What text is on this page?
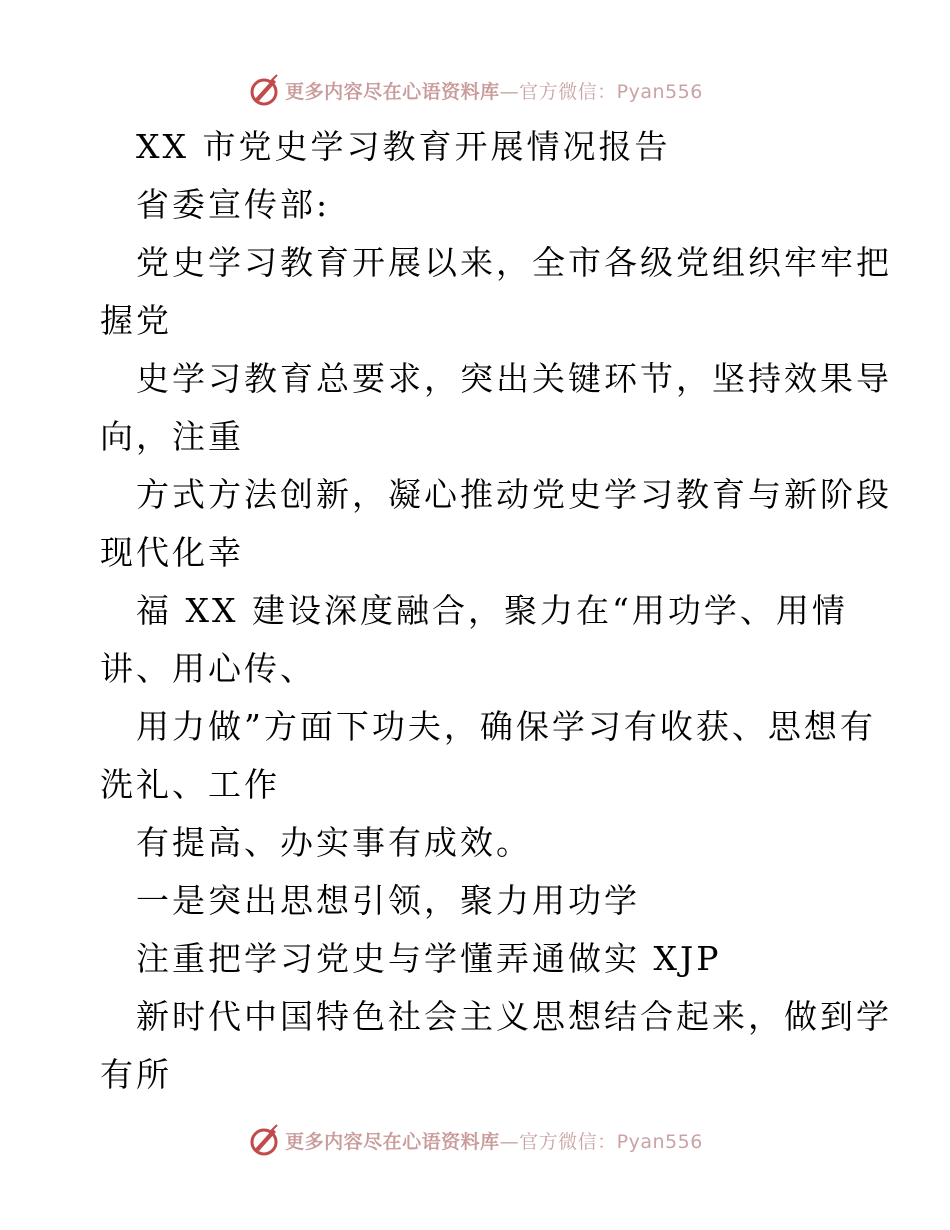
更多内容尽在心语资料库—官方微信：Pyan556
XX 市党史学习教育开展情况报告
省委宣传部:
党史学习教育开展以来，全市各级党组织牢牢把
握党
史学习教育总要求，突出关键环节，坚持效果导
向，注重
方式方法创新，凝心推动党史学习教育与新阶段
现代化幸
福 XX 建设深度融合，聚力在“用功学、用情
讲、用心传、
用力做”方面下功夫，确保学习有收获、思想有
洗礼、工作
有提高、办实事有成效。
一是突出思想引领，聚力用功学
注重把学习党史与学懂弄通做实 XJP
新时代中国特色社会主义思想结合起来，做到学
有所
更多内容尽在心语资料库—官方微信：Pyan556
